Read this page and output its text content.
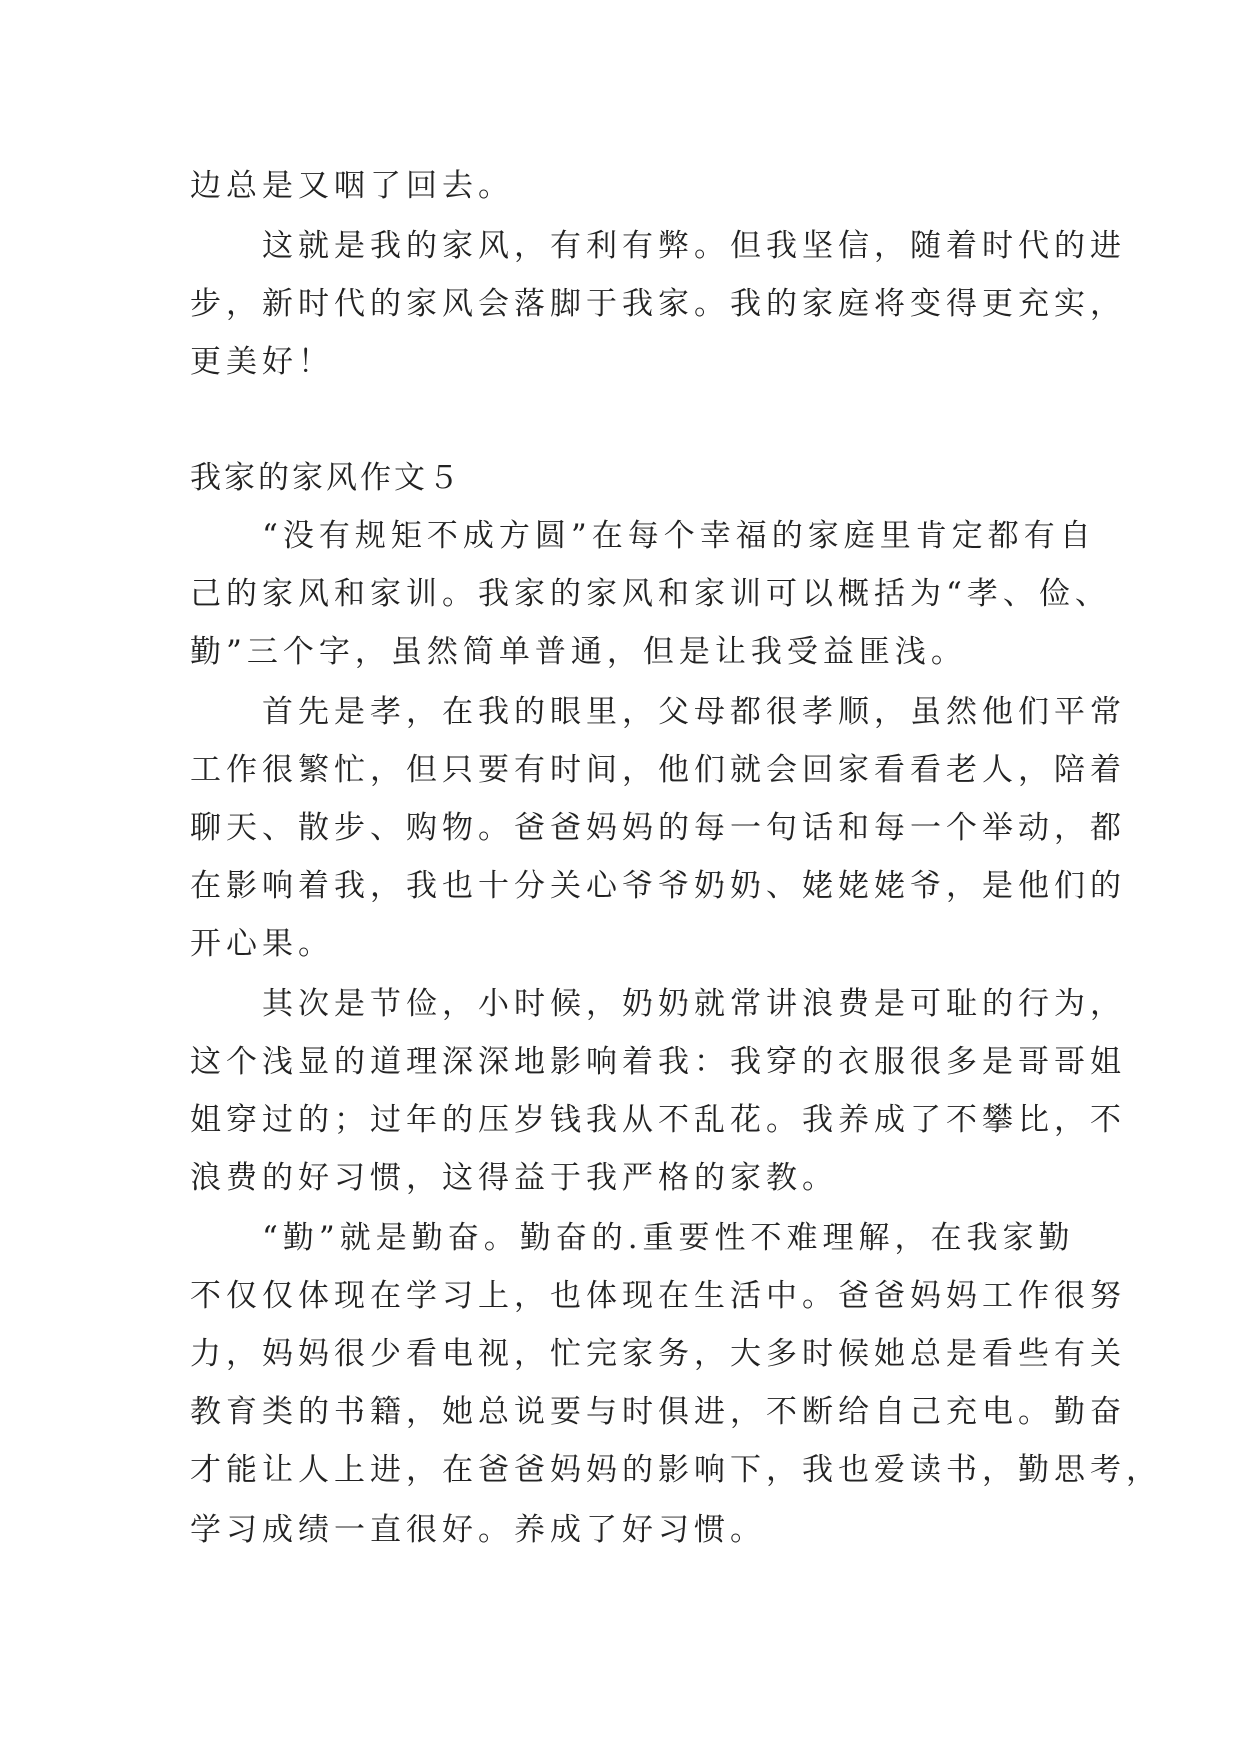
边总是又咽了回去。

　　这就是我的家风，有利有弊。但我坚信，随着时代的进

步，新时代的家风会落脚于我家。我的家庭将变得更充实，

更美好！

我家的家风作文５

　　“没有规矩不成方圆”在每个幸福的家庭里肯定都有自

己的家风和家训。我家的家风和家训可以概括为“孝、俭、

勤”三个字，虽然简单普通，但是让我受益匪浅。

　　首先是孝，在我的眼里，父母都很孝顺，虽然他们平常

工作很繁忙，但只要有时间，他们就会回家看看老人，陪着

聊天、散步、购物。爸爸妈妈的每一句话和每一个举动，都

在影响着我，我也十分关心爷爷奶奶、姥姥姥爷，是他们的

开心果。

　　其次是节俭，小时候，奶奶就常讲浪费是可耻的行为，

这个浅显的道理深深地影响着我：我穿的衣服很多是哥哥姐

姐穿过的；过年的压岁钱我从不乱花。我养成了不攀比，不

浪费的好习惯，这得益于我严格的家教。

　　“勤”就是勤奋。勤奋的.重要性不难理解，在我家勤

不仅仅体现在学习上，也体现在生活中。爸爸妈妈工作很努

力，妈妈很少看电视，忙完家务，大多时候她总是看些有关

教育类的书籍，她总说要与时俱进，不断给自己充电。勤奋

才能让人上进，在爸爸妈妈的影响下，我也爱读书，勤思考，

学习成绩一直很好。养成了好习惯。
